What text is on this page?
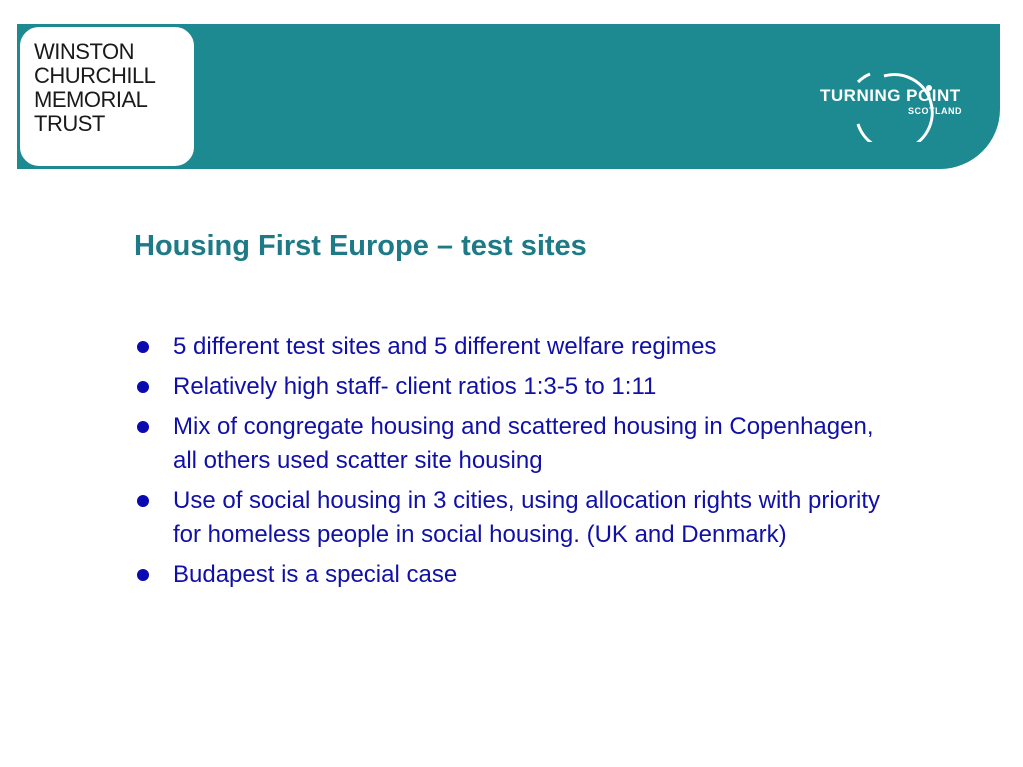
WINSTON
CHURCHILL
MEMORIAL
TRUST
TURNING POINT
SCOTLAND
Housing First Europe – test sites
5 different test sites and 5 different welfare regimes
Relatively high staff- client ratios 1:3-5 to 1:11
Mix of congregate housing and scattered housing in Copenhagen, all others used scatter site housing
Use of social housing in 3 cities, using allocation rights with priority for homeless people in social housing. (UK and Denmark)
Budapest is a special case
